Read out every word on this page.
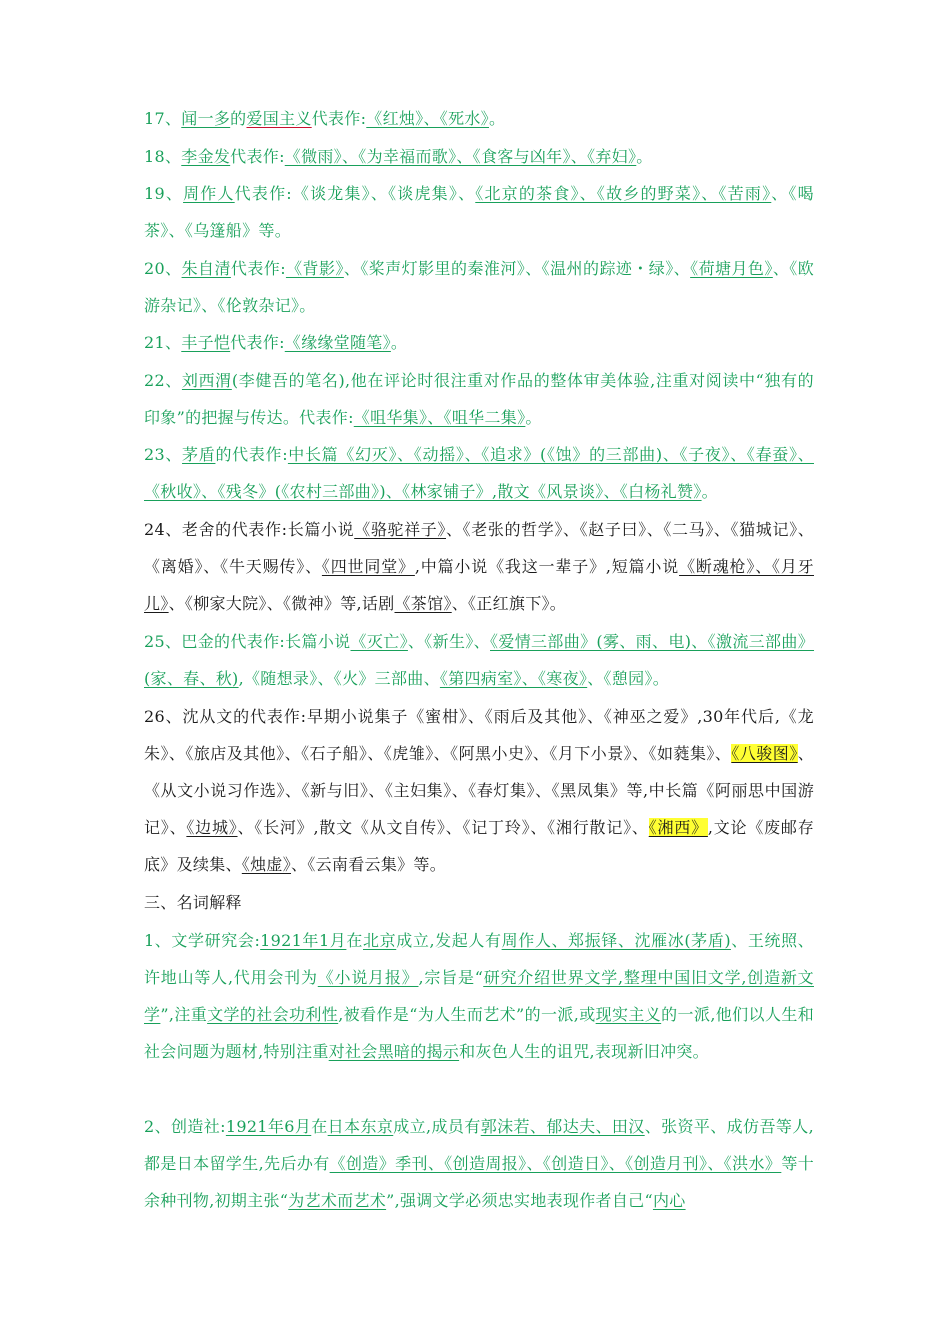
17、闻一多的爱国主义代表作:《红烛》、《死水》。

18、李金发代表作:《微雨》、《为幸福而歌》、《食客与凶年》、《弃妇》。

19、周作人代表作:《谈龙集》、《谈虎集》、《北京的茶食》、《故乡的野菜》、《苦雨》、《喝茶》、《乌篷船》等。

20、朱自清代表作:《背影》、《桨声灯影里的秦淮河》、《温州的踪迹・绿》、《荷塘月色》、《欧游杂记》、《伦敦杂记》。

21、丰子恺代表作:《缘缘堂随笔》。

22、刘西渭(李健吾的笔名),他在评论时很注重对作品的整体审美体验,注重对阅读中“独有的印象”的把握与传达。代表作:《咀华集》、《咀华二集》。

23、茅盾的代表作:中长篇《幻灭》、《动摇》、《追求》(《蚀》的三部曲)、《子夜》、《春蚕》、《秋收》、《残冬》(《农村三部曲》)、《林家铺子》,散文《风景谈》、《白杨礼赞》。

24、老舍的代表作:长篇小说《骆驼祥子》、《老张的哲学》、《赵子曰》、《二马》、《猫城记》、《离婚》、《牛天赐传》、《四世同堂》,中篇小说《我这一辈子》,短篇小说《断魂枪》、《月牙儿》、《柳家大院》、《微神》等,话剧《茶馆》、《正红旗下》。

25、巴金的代表作:长篇小说《灭亡》、《新生》、《爱情三部曲》(雾、雨、电)、《激流三部曲》(家、春、秋),《随想录》、《火》三部曲、《第四病室》、《寒夜》、《憩园》。

26、沈从文的代表作:早期小说集子《蜜柑》、《雨后及其他》、《神巫之爱》,30年代后,《龙朱》、《旅店及其他》、《石子船》、《虎雏》、《阿黑小史》、《月下小景》、《如蕤集》、《八骏图》、《从文小说习作选》、《新与旧》、《主妇集》、《春灯集》、《黑凤集》等,中长篇《阿丽思中国游记》、《边城》、《长河》,散文《从文自传》、《记丁玲》、《湘行散记》、《湘西》,文论《废邮存底》及续集、《烛虚》、《云南看云集》等。

三、名词解释

1、文学研究会:1921年1月在北京成立,发起人有周作人、郑振铎、沈雁冰(茅盾)、王统照、许地山等人,代用会刊为《小说月报》,宗旨是“研究介绍世界文学,整理中国旧文学,创造新文学”,注重文学的社会功利性,被看作是“为人生而艺术”的一派,或现实主义的一派,他们以人生和社会问题为题材,特别注重对社会黑暗的揭示和灰色人生的诅咒,表现新旧冲突。

2、创造社:1921年6月在日本东京成立,成员有郭沫若、郁达夫、田汉、张资平、成仿吾等人,都是日本留学生,先后办有《创造》季刊、《创造周报》、《创造日》、《创造月刊》、《洪水》等十余种刊物,初期主张“为艺术而艺术”,强调文学必须忠实地表现作者自己“内心
